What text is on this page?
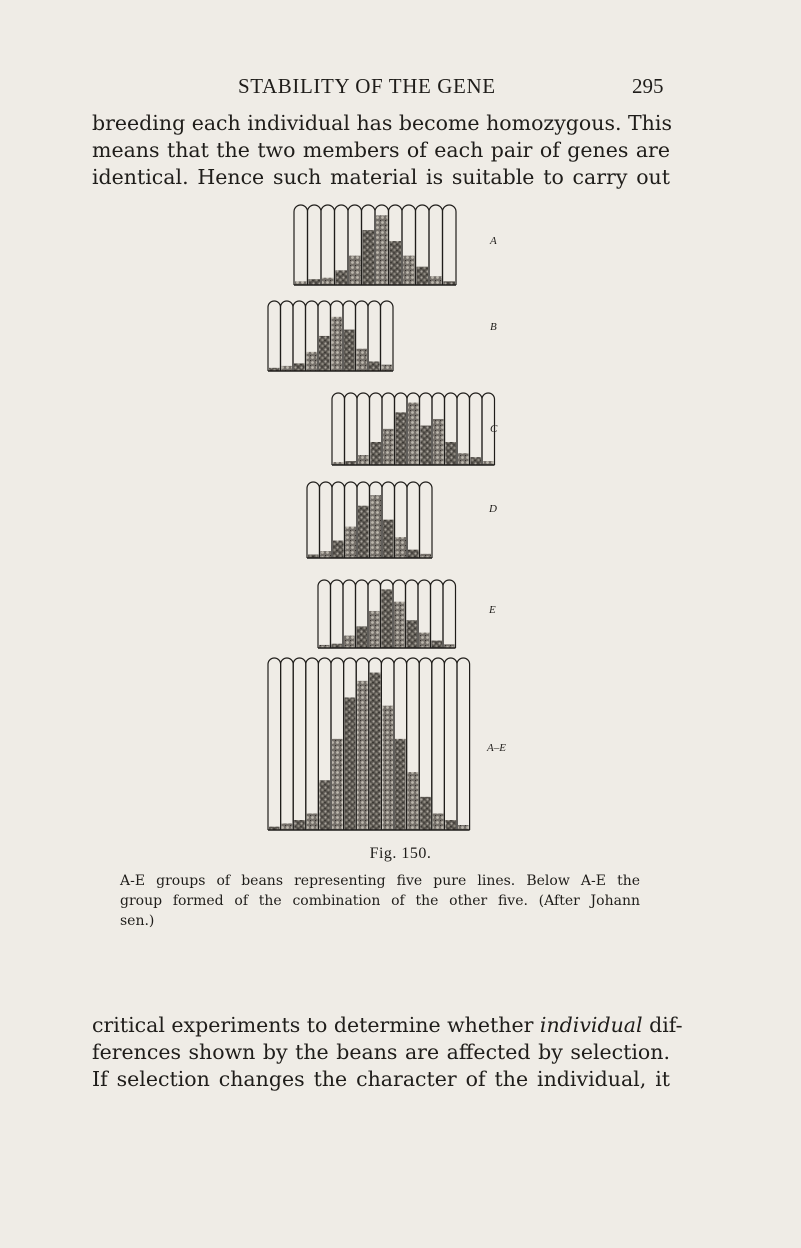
STABILITY OF THE GENE	295

breeding each individual has become homozygous. This
means that the two members of each pair of genes are
identical. Hence such material is suitable to carry out

A
B
C
D
E
A–E
Fig. 150.
A-E groups of beans representing five pure lines. Below A-E the
group formed of the combination of the other five. (After Johann
sen.)

critical experiments to determine whether individual dif-
ferences shown by the beans are affected by selection.
If selection changes the character of the individual, it
